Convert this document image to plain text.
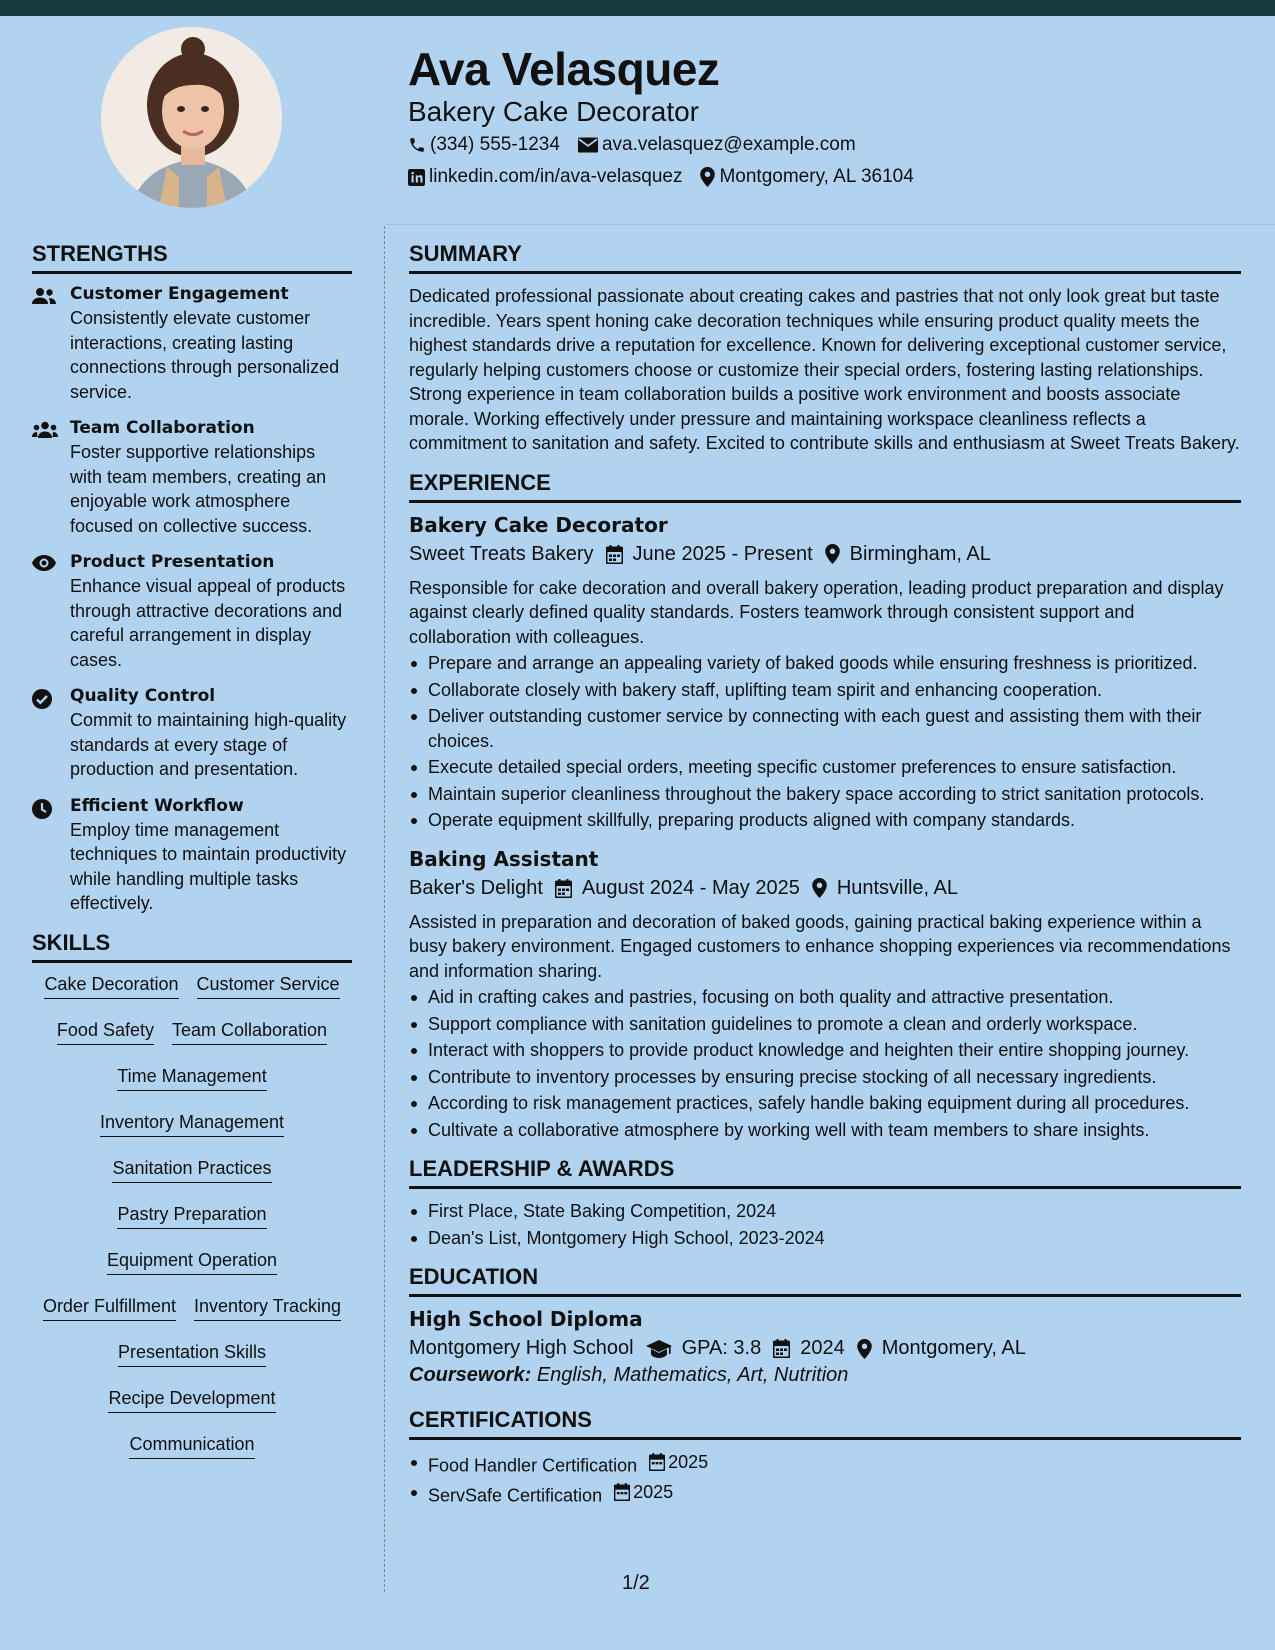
Ava Velasquez
Bakery Cake Decorator
(334) 555-1234 ava.velasquez@example.com
linkedin.com/in/ava-velasquez Montgomery, AL 36104
STRENGTHS
Customer Engagement
Consistently elevate customer interactions, creating lasting connections through personalized service.
Team Collaboration
Foster supportive relationships with team members, creating an enjoyable work atmosphere focused on collective success.
Product Presentation
Enhance visual appeal of products through attractive decorations and careful arrangement in display cases.
Quality Control
Commit to maintaining high-quality standards at every stage of production and presentation.
Efficient Workflow
Employ time management techniques to maintain productivity while handling multiple tasks effectively.
SKILLS
Cake Decoration Customer Service
Food Safety Team Collaboration
Time Management
Inventory Management
Sanitation Practices
Pastry Preparation
Equipment Operation
Order Fulfillment Inventory Tracking
Presentation Skills
Recipe Development
Communication
SUMMARY
Dedicated professional passionate about creating cakes and pastries that not only look great but taste incredible. Years spent honing cake decoration techniques while ensuring product quality meets the highest standards drive a reputation for excellence. Known for delivering exceptional customer service, regularly helping customers choose or customize their special orders, fostering lasting relationships. Strong experience in team collaboration builds a positive work environment and boosts associate morale. Working effectively under pressure and maintaining workspace cleanliness reflects a commitment to sanitation and safety. Excited to contribute skills and enthusiasm at Sweet Treats Bakery.
EXPERIENCE
Bakery Cake Decorator
Sweet Treats Bakery June 2025 - Present Birmingham, AL
Responsible for cake decoration and overall bakery operation, leading product preparation and display against clearly defined quality standards. Fosters teamwork through consistent support and collaboration with colleagues.
Prepare and arrange an appealing variety of baked goods while ensuring freshness is prioritized.
Collaborate closely with bakery staff, uplifting team spirit and enhancing cooperation.
Deliver outstanding customer service by connecting with each guest and assisting them with their choices.
Execute detailed special orders, meeting specific customer preferences to ensure satisfaction.
Maintain superior cleanliness throughout the bakery space according to strict sanitation protocols.
Operate equipment skillfully, preparing products aligned with company standards.
Baking Assistant
Baker's Delight August 2024 - May 2025 Huntsville, AL
Assisted in preparation and decoration of baked goods, gaining practical baking experience within a busy bakery environment. Engaged customers to enhance shopping experiences via recommendations and information sharing.
Aid in crafting cakes and pastries, focusing on both quality and attractive presentation.
Support compliance with sanitation guidelines to promote a clean and orderly workspace.
Interact with shoppers to provide product knowledge and heighten their entire shopping journey.
Contribute to inventory processes by ensuring precise stocking of all necessary ingredients.
According to risk management practices, safely handle baking equipment during all procedures.
Cultivate a collaborative atmosphere by working well with team members to share insights.
LEADERSHIP & AWARDS
First Place, State Baking Competition, 2024
Dean's List, Montgomery High School, 2023-2024
EDUCATION
High School Diploma
Montgomery High School GPA: 3.8 2024 Montgomery, AL
Coursework: English, Mathematics, Art, Nutrition
CERTIFICATIONS
Food Handler Certification 2025
ServSafe Certification 2025
1/2
